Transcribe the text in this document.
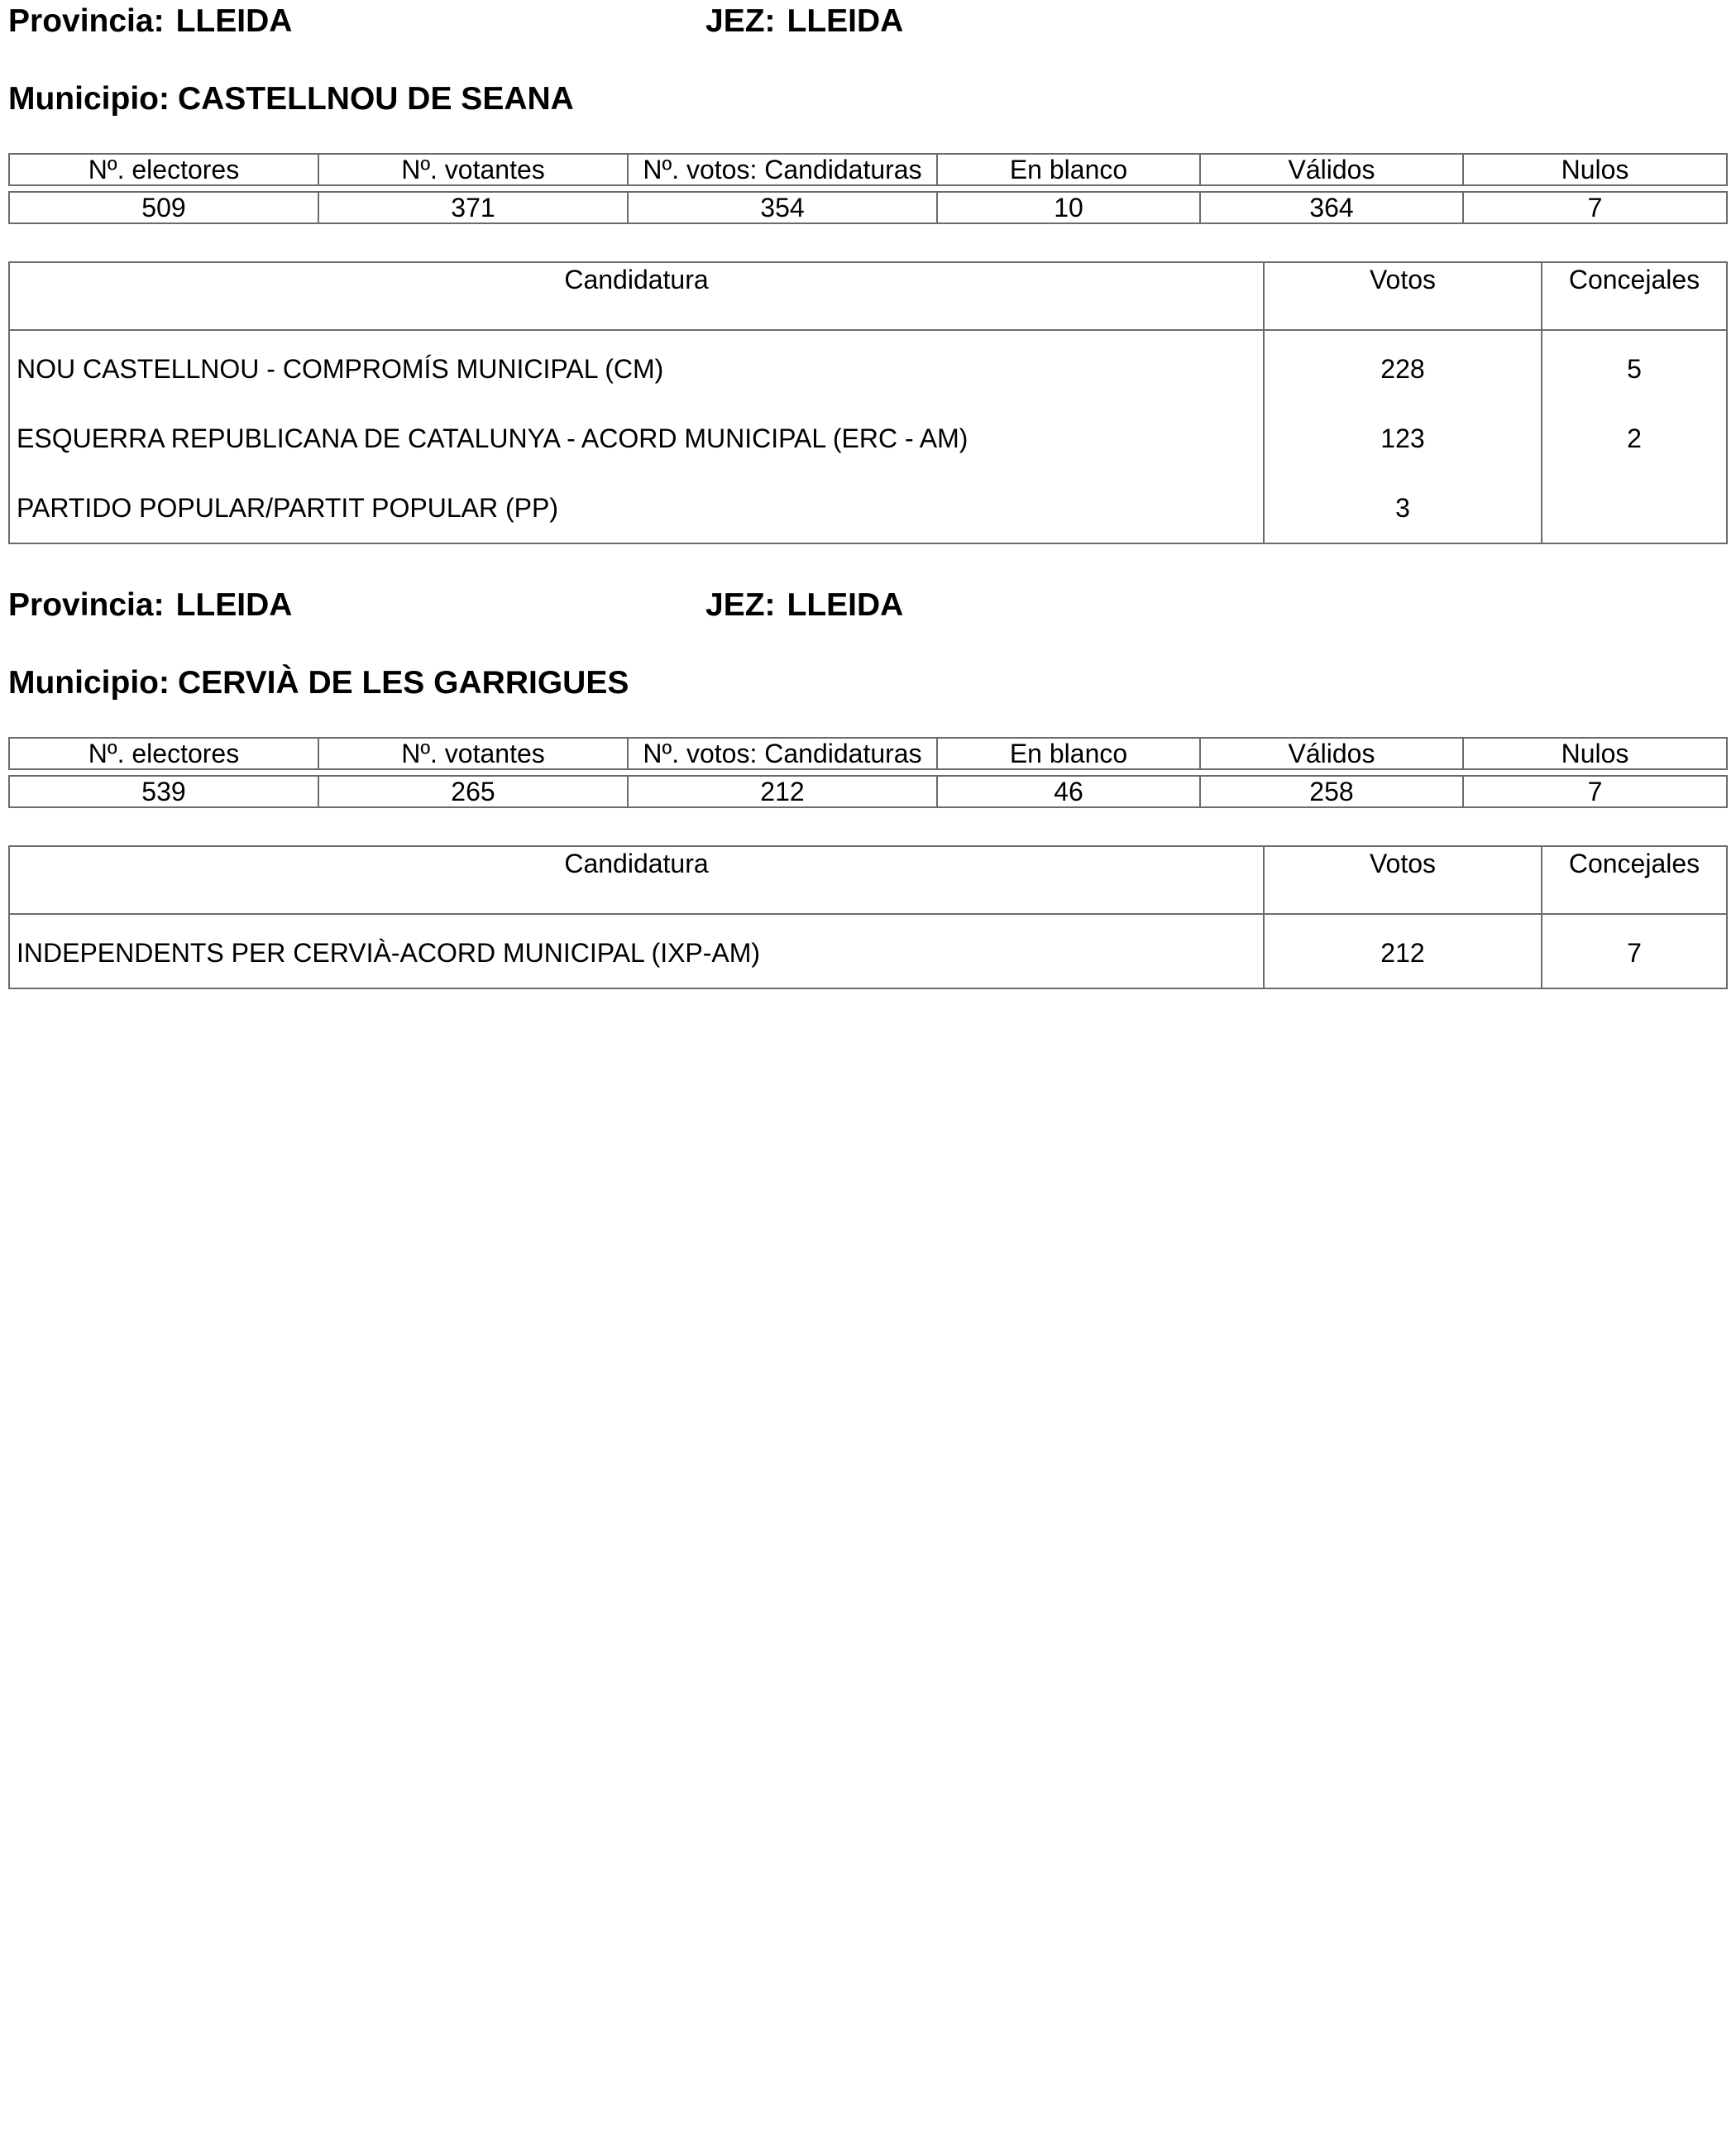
Provincia: LLEIDA	JEZ: LLEIDA
Municipio: CASTELLNOU DE SEANA
Nº. electores	Nº. votantes	Nº. votos: Candidaturas	En blanco	Válidos	Nulos

509	371	354	10	364	7
Candidatura	Votos	Concejales
NOU CASTELLNOU - COMPROMÍS MUNICIPAL (CM)	228	5
ESQUERRA REPUBLICANA DE CATALUNYA - ACORD MUNICIPAL (ERC - AM)	123	2
PARTIDO POPULAR/PARTIT POPULAR (PP)	3	
Provincia: LLEIDA	JEZ: LLEIDA
Municipio: CERVIÀ DE LES GARRIGUES
Nº. electores	Nº. votantes	Nº. votos: Candidaturas	En blanco	Válidos	Nulos

539	265	212	46	258	7
Candidatura	Votos	Concejales
INDEPENDENTS PER CERVIÀ-ACORD MUNICIPAL (IXP-AM)	212	7
